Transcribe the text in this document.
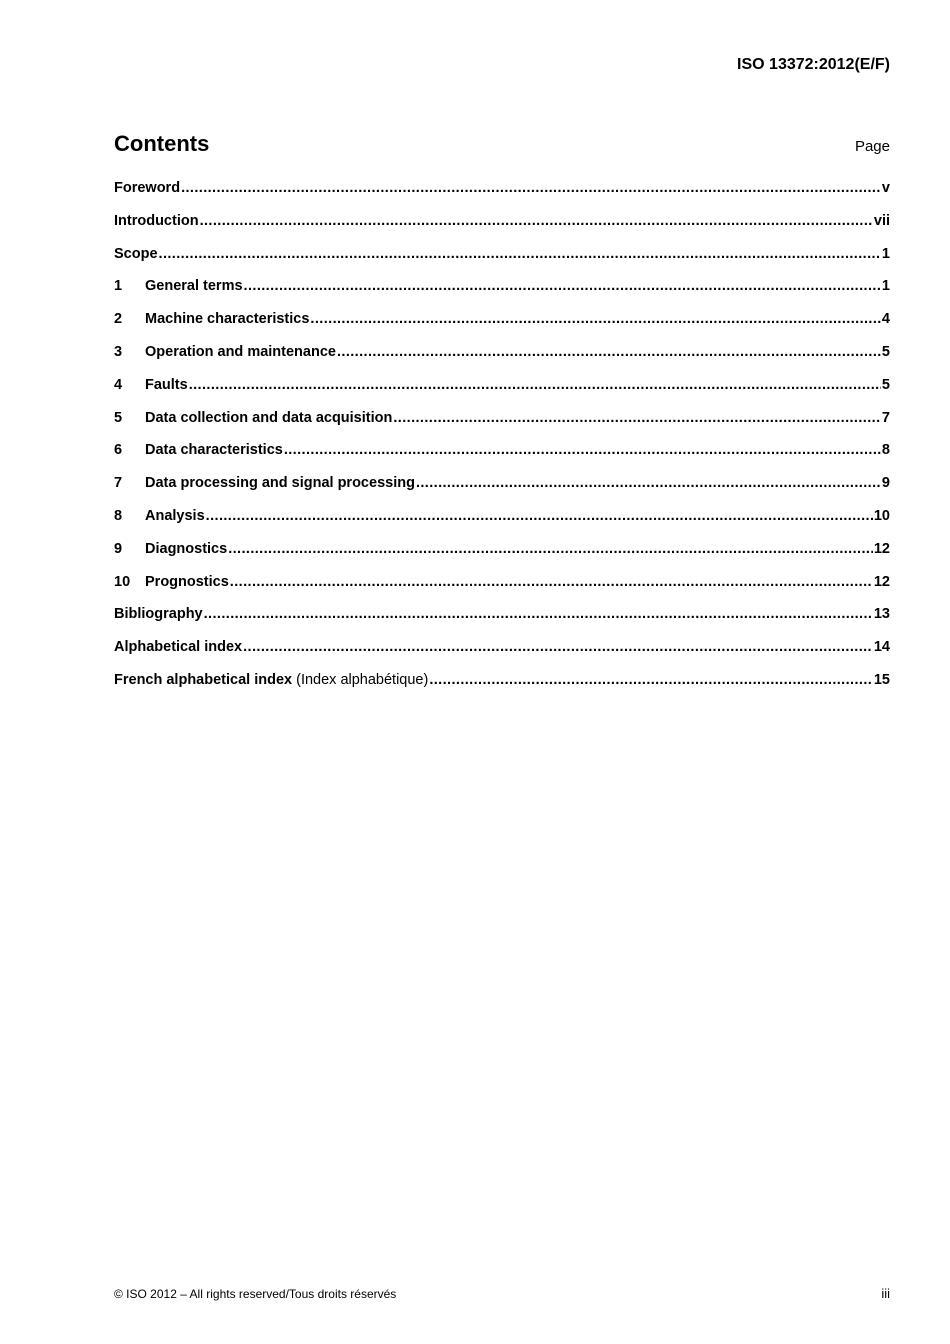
ISO 13372:2012(E/F)
Contents	Page
Foreword .....	v
Introduction .....	vii
Scope .....	1
1	General terms .....	1
2	Machine characteristics .....	4
3	Operation and maintenance .....	5
4	Faults .....	5
5	Data collection and data acquisition .....	7
6	Data characteristics .....	8
7	Data processing and signal processing .....	9
8	Analysis .....	10
9	Diagnostics .....	12
10	Prognostics .....	12
Bibliography .....	13
Alphabetical index .....	14
French alphabetical index (Index alphabétique) .....	15
© ISO 2012 – All rights reserved/Tous droits réservés	iii
